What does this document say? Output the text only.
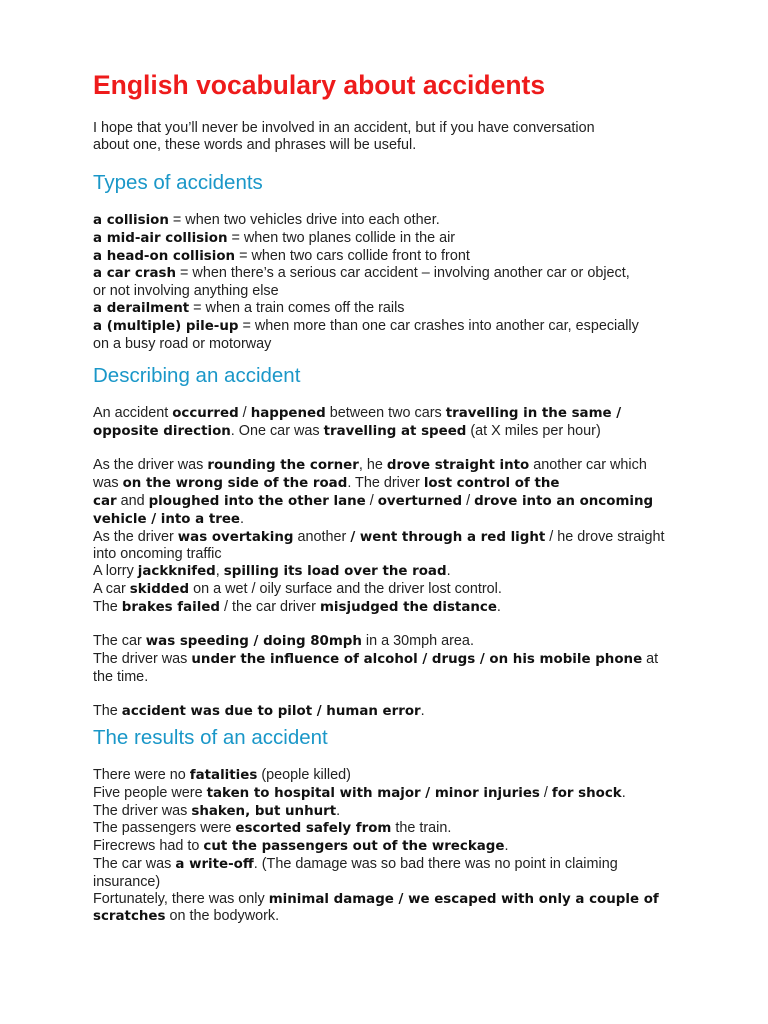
English vocabulary about accidents
I hope that you’ll never be involved in an accident, but if you have conversation
about one, these words and phrases will be useful.
Types of accidents
a collision = when two vehicles drive into each other.
a mid-air collision = when two planes collide in the air
a head-on collision = when two cars collide front to front
a car crash = when there’s a serious car accident – involving another car or object,
or not involving anything else
a derailment = when a train comes off the rails
a (multiple) pile-up = when more than one car crashes into another car, especially
on a busy road or motorway
Describing an accident
An accident occurred / happened between two cars travelling in the same /
opposite direction. One car was travelling at speed (at X miles per hour)

As the driver was rounding the corner, he drove straight into another car which
was on the wrong side of the road. The driver lost control of the
car and ploughed into the other lane / overturned / drove into an oncoming
vehicle / into a tree.
As the driver was overtaking another / went through a red light / he drove straight
into oncoming traffic
A lorry jackknifed, spilling its load over the road.
A car skidded on a wet / oily surface and the driver lost control.
The brakes failed / the car driver misjudged the distance.

The car was speeding / doing 80mph in a 30mph area.
The driver was under the influence of alcohol / drugs / on his mobile phone at
the time.

The accident was due to pilot / human error.
The results of an accident
There were no fatalities (people killed)
Five people were taken to hospital with major / minor injuries / for shock.
The driver was shaken, but unhurt.
The passengers were escorted safely from the train.
Firecrews had to cut the passengers out of the wreckage.
The car was a write-off. (The damage was so bad there was no point in claiming
insurance)
Fortunately, there was only minimal damage / we escaped with only a couple of
scratches on the bodywork.
